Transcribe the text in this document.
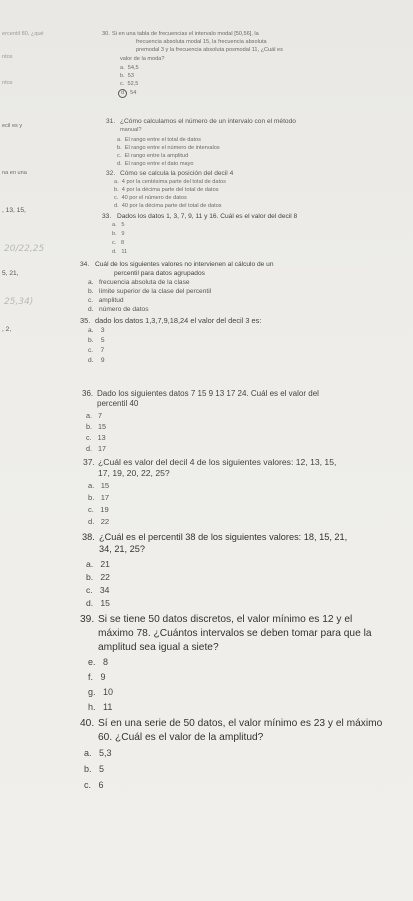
ercentil 80, ¿qué
ntos
ntos
ecil es y
na en una
, 13, 15,
20/22,25
5, 21,
25,34)
, 2,
30. Si en una tabla de frecuencias el intervalo modal [50,56], la
frecuencia absoluta modal 15, la frecuencia absoluta
premodal 3 y la frecuencia absoluta posmodal 11, ¿Cuál es
valor de la moda?
a. 54,5
b. 53
c. 52,5
d 54
31. ¿Cómo calculamos el número de un intervalo con el método
manual?
a. El rango entre el total de datos
b. El rango entre el número de intervalos
c. El rango entre la amplitud
d. El rango entre el dato mayo
32. Cómo se calcula la posición del decil 4
a. 4 por la centésima parte del total de datos
b. 4 por la décima parte del total de datos
c. 40 por el número de datos
d. 40 por la décima parte del total de datos
33. Dados los datos 1, 3, 7, 9, 11 y 16. Cuál es el valor del decil 8
a. 5
b. 9
c. 8
d. 11
34. Cuál de los siguientes valores no intervienen al cálculo de un
percentil para datos agrupados
a. frecuencia absoluta de la clase
b. límite superior de la clase del percentil
c. amplitud
d. número de datos
35. dado los datos 1,3,7,9,18,24 el valor del decil 3 es:
a. 3
b. 5
c. 7
d. 9
36. Dado los siguientes datos 7 15 9 13 17 24. Cuál es el valor del
percentil 40
a. 7
b. 15
c. 13
d. 17
37. ¿Cuál es valor del decil 4 de los siguientes valores: 12, 13, 15,
17, 19, 20, 22, 25?
a. 15
b. 17
c. 19
d. 22
38. ¿Cuál es el percentil 38 de los siguientes valores: 18, 15, 21,
34, 21, 25?
a. 21
b. 22
c. 34
d. 15
39. Si se tiene 50 datos discretos, el valor mínimo es 12 y el
máximo 78. ¿Cuántos intervalos se deben tomar para que la
amplitud sea igual a siete?
e. 8
f. 9
g. 10
h. 11
40. Sí en una serie de 50 datos, el valor mínimo es 23 y el máximo
60. ¿Cuál es el valor de la amplitud?
a. 5,3
b. 5
c. 6
